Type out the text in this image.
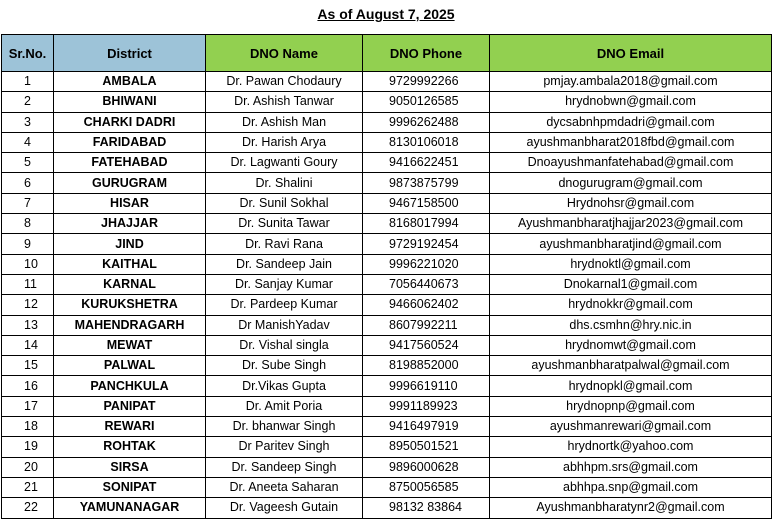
As of August 7, 2025
Sr.No.	District	DNO Name	DNO Phone	DNO Email
1	AMBALA	Dr. Pawan Chodaury	9729992266	pmjay.ambala2018@gmail.com
2	BHIWANI	Dr. Ashish Tanwar	9050126585	hrydnobwn@gmail.com
3	CHARKI DADRI	Dr. Ashish Man	9996262488	dycsabnhpmdadri@gmail.com
4	FARIDABAD	Dr. Harish Arya	8130106018	ayushmanbharat2018fbd@gmail.com
5	FATEHABAD	Dr. Lagwanti Goury	9416622451	Dnoayushmanfatehabad@gmail.com
6	GURUGRAM	Dr. Shalini	9873875799	dnogurugram@gmail.com
7	HISAR	Dr. Sunil Sokhal	9467158500	Hrydnohsr@gmail.com
8	JHAJJAR	Dr. Sunita Tawar	8168017994	Ayushmanbharatjhajjar2023@gmail.com
9	JIND	Dr. Ravi Rana	9729192454	ayushmanbharatjind@gmail.com
10	KAITHAL	Dr. Sandeep Jain	9996221020	hrydnoktl@gmail.com
11	KARNAL	Dr. Sanjay Kumar	7056440673	Dnokarnal1@gmail.com
12	KURUKSHETRA	Dr. Pardeep Kumar	9466062402	hrydnokkr@gmail.com
13	MAHENDRAGARH	Dr ManishYadav	8607992211	dhs.csmhn@hry.nic.in
14	MEWAT	Dr. Vishal singla	9417560524	hrydnomwt@gmail.com
15	PALWAL	Dr. Sube Singh	8198852000	ayushmanbharatpalwal@gmail.com
16	PANCHKULA	Dr.Vikas Gupta	9996619110	hrydnopkl@gmail.com
17	PANIPAT	Dr. Amit Poria	9991189923	hrydnopnp@gmail.com
18	REWARI	Dr. bhanwar Singh	9416497919	ayushmanrewari@gmail.com
19	ROHTAK	Dr Paritev Singh	8950501521	hrydnortk@yahoo.com
20	SIRSA	Dr. Sandeep Singh	9896000628	abhhpm.srs@gmail.com
21	SONIPAT	Dr. Aneeta Saharan	8750056585	abhhpa.snp@gmail.com
22	YAMUNANAGAR	Dr. Vageesh Gutain	98132 83864	Ayushmanbharatynr2@gmail.com
